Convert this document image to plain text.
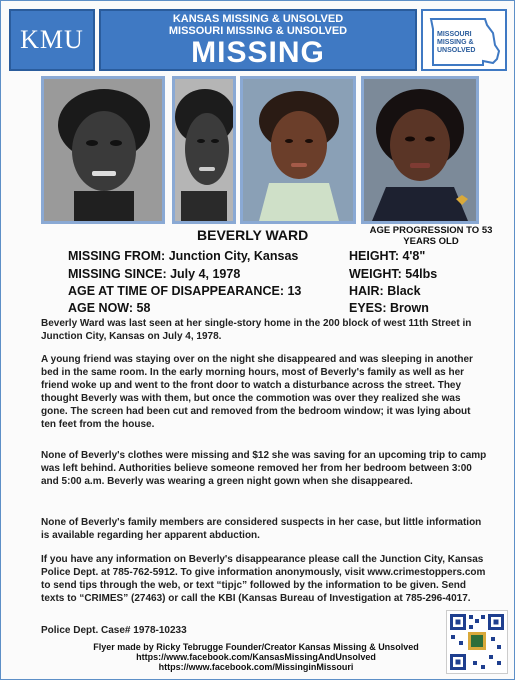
KMU
KANSAS MISSING & UNSOLVED
MISSOURI MISSING & UNSOLVED
MISSING
MISSOURI MISSING & UNSOLVED
BEVERLY WARD	AGE PROGRESSION TO 53 YEARS OLD
MISSING FROM: Junction City, Kansas
MISSING SINCE: July 4, 1978
AGE AT TIME OF DISAPPEARANCE: 13
AGE NOW: 58
HEIGHT: 4'8"
WEIGHT: 54lbs
HAIR: Black
EYES: Brown
Beverly Ward was last seen at her single-story home in the 200 block of west 11th Street in Junction City, Kansas on July 4, 1978.
A young friend was staying over on the night she disappeared and was sleeping in another bed in the same room. In the early morning hours, most of Beverly's family as well as her friend woke up and went to the front door to watch a disturbance across the street. They thought Beverly was with them, but once the commotion was over they realized she was gone. The screen had been cut and removed from the bedroom window; it was lying about ten feet from the house.
None of Beverly's clothes were missing and $12 she was saving for an upcoming trip to camp was left behind. Authorities believe someone removed her from her bedroom between 3:00 and 5:00 a.m. Beverly was wearing a green night gown when she disappeared.
None of Beverly's family members are considered suspects in her case, but little information is available regarding her apparent abduction.
If you have any information on Beverly's disappearance please call the Junction City, Kansas Police Dept. at 785-762-5912. To give information anonymously, visit www.crimestoppers.com to send tips through the web, or text “tipjc” followed by the information to be given. Send texts to “CRIMES” (27463) or call the KBI (Kansas Bureau of Investigation at 785-296-4017.
Police Dept. Case# 1978-10233
Flyer made by Ricky Tebrugge Founder/Creator Kansas Missing & Unsolved
https://www.facebook.com/KansasMissingAndUnsolved
https://www.facebook.com/MissinginMissouri
